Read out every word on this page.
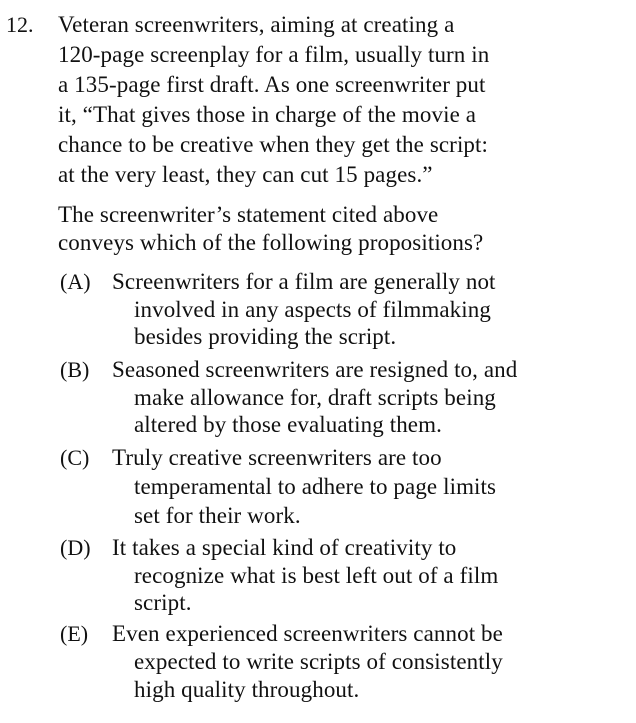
12. Veteran screenwriters, aiming at creating a
120-page screenplay for a film, usually turn in
a 135-page first draft. As one screenwriter put
it, “That gives those in charge of the movie a
chance to be creative when they get the script:
at the very least, they can cut 15 pages.”
The screenwriter’s statement cited above
conveys which of the following propositions?
(A) Screenwriters for a film are generally not
involved in any aspects of filmmaking
besides providing the script.
(B) Seasoned screenwriters are resigned to, and
make allowance for, draft scripts being
altered by those evaluating them.
(C) Truly creative screenwriters are too
temperamental to adhere to page limits
set for their work.
(D) It takes a special kind of creativity to
recognize what is best left out of a film
script.
(E) Even experienced screenwriters cannot be
expected to write scripts of consistently
high quality throughout.
